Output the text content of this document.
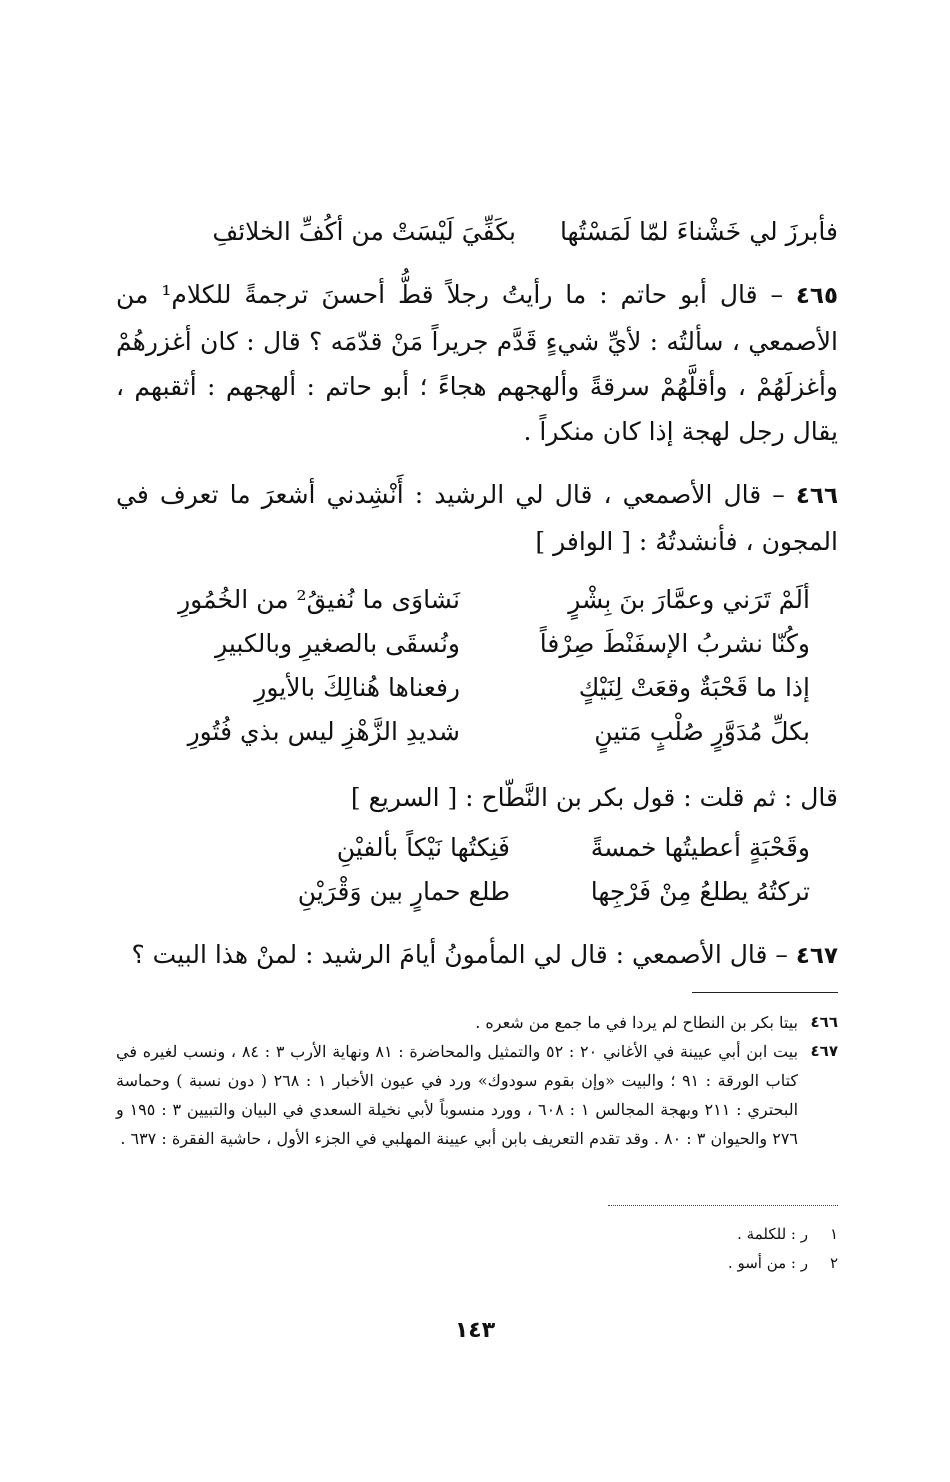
فأبرزَ لي خَشْناءَ لمّا لَمَسْتُها
بكَفِّيَ لَيْسَتْ من أكُفِّ الخلائفِ
٤٦٥ – قال أبو حاتم : ما رأيتُ رجلاً قطُّ أحسنَ ترجمةً للكلام¹ من الأصمعي ، سألتُه : لأيِّ شيءٍ قَدَّم جريراً مَنْ قدّمَه ؟ قال : كان أغزرهُمْ وأغزلَهُمْ ، وأقلَّهُمْ سرقةً وألهجهم هجاءً ؛ أبو حاتم : ألهجهم : أثقبهم ، يقال رجل لهجة إذا كان منكراً .
٤٦٦ – قال الأصمعي ، قال لي الرشيد : أَنْشِدني أشعرَ ما تعرف في المجون ، فأنشدتُهُ : [ الوافر ]
ألَمْ تَرَني وعمَّارَ بنَ بِشْرٍ
نَشاوَى ما نُفيقُ² من الخُمُورِ
وكُنّا نشربُ الإسفَنْطَ صِرْفاً
ونُسقَى بالصغيرِ وبالكبيرِ
إذا ما قَحْبَةٌ وقعَتْ لِنَيْكٍ
رفعناها هُنالِكَ بالأيورِ
بكلِّ مُدَوَّرٍ صُلْبٍ مَتينٍ
شديدِ الزَّهْزِ ليس بذي فُتُورِ
قال : ثم قلت : قول بكر بن النَّطّاح : [ السريع ]
وقَحْبَةٍ أعطيتُها خمسةً
فَنِكتُها نَيْكاً بألفيْنِ
تركتُهُ يطلعُ مِنْ فَرْجِها
طلع حمارٍ بين وَقْرَيْنِ
٤٦٧ – قال الأصمعي : قال لي المأمونُ أيامَ الرشيد : لمنْ هذا البيت ؟
٤٦٦
بيتا بكر بن النطاح لم يردا في ما جمع من شعره .
٤٦٧
بيت ابن أبي عيينة في الأغاني ٢٠ : ٥٢ والتمثيل والمحاضرة : ٨١ ونهاية الأرب ٣ : ٨٤ ، ونسب لغيره في كتاب الورقة : ٩١ ؛ والبيت «وإن بقوم سودوك» ورد في عيون الأخبار ١ : ٢٦٨ ( دون نسبة ) وحماسة البحتري : ٢١١ وبهجة المجالس ١ : ٦٠٨ ، وورد منسوباً لأبي نخيلة السعدي في البيان والتبيين ٣ : ١٩٥ و ٢٧٦ والحيوان ٣ : ٨٠ . وقد تقدم التعريف بابن أبي عيينة المهلبي في الجزء الأول ، حاشية الفقرة : ٦٣٧ .
١
ر : للكلمة .
٢
ر : من أسو .
١٤٣
